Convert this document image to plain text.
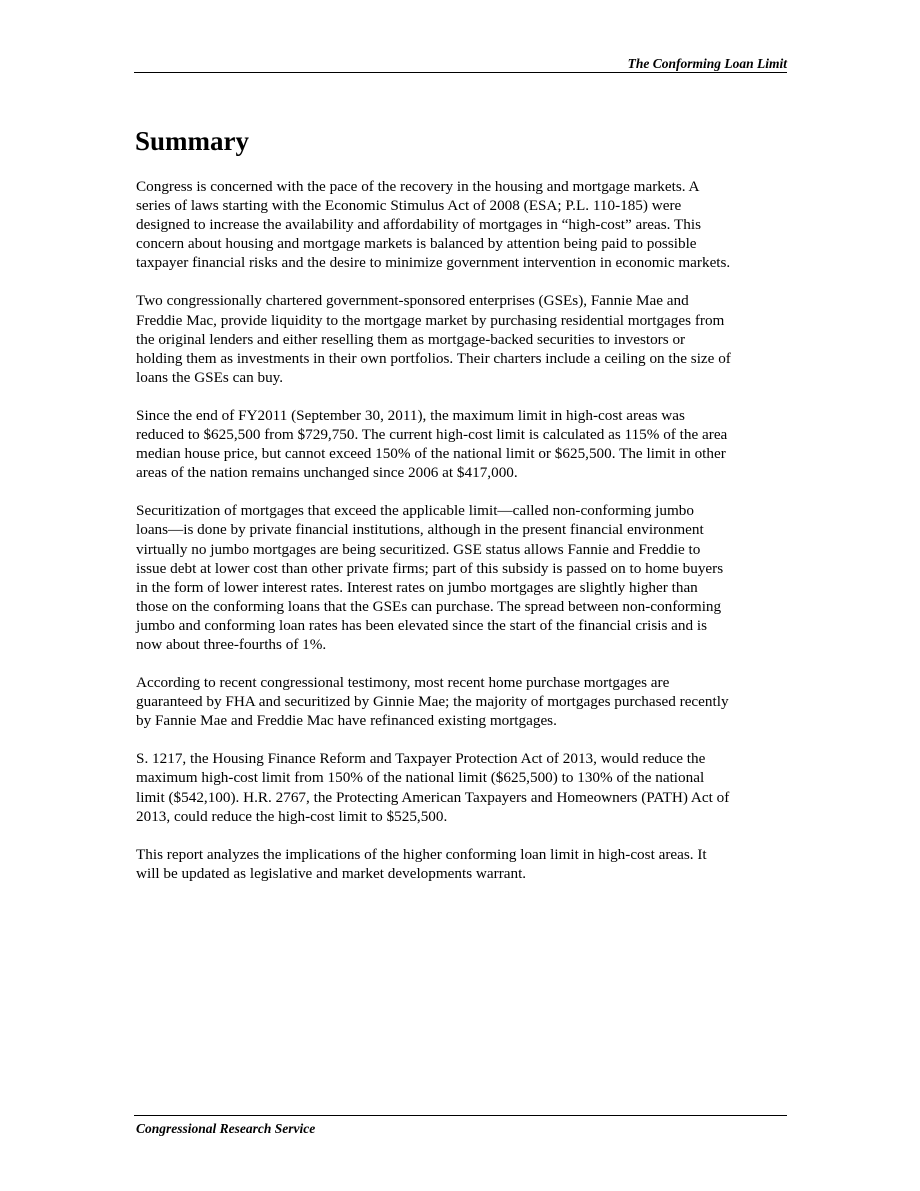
The Conforming Loan Limit
Summary

Congress is concerned with the pace of the recovery in the housing and mortgage markets. A
series of laws starting with the Economic Stimulus Act of 2008 (ESA; P.L. 110-185) were
designed to increase the availability and affordability of mortgages in “high-cost” areas. This
concern about housing and mortgage markets is balanced by attention being paid to possible
taxpayer financial risks and the desire to minimize government intervention in economic markets.

Two congressionally chartered government-sponsored enterprises (GSEs), Fannie Mae and
Freddie Mac, provide liquidity to the mortgage market by purchasing residential mortgages from
the original lenders and either reselling them as mortgage-backed securities to investors or
holding them as investments in their own portfolios. Their charters include a ceiling on the size of
loans the GSEs can buy.

Since the end of FY2011 (September 30, 2011), the maximum limit in high-cost areas was
reduced to $625,500 from $729,750. The current high-cost limit is calculated as 115% of the area
median house price, but cannot exceed 150% of the national limit or $625,500. The limit in other
areas of the nation remains unchanged since 2006 at $417,000.

Securitization of mortgages that exceed the applicable limit—called non-conforming jumbo
loans—is done by private financial institutions, although in the present financial environment
virtually no jumbo mortgages are being securitized. GSE status allows Fannie and Freddie to
issue debt at lower cost than other private firms; part of this subsidy is passed on to home buyers
in the form of lower interest rates. Interest rates on jumbo mortgages are slightly higher than
those on the conforming loans that the GSEs can purchase. The spread between non-conforming
jumbo and conforming loan rates has been elevated since the start of the financial crisis and is
now about three-fourths of 1%.

According to recent congressional testimony, most recent home purchase mortgages are
guaranteed by FHA and securitized by Ginnie Mae; the majority of mortgages purchased recently
by Fannie Mae and Freddie Mac have refinanced existing mortgages.

S. 1217, the Housing Finance Reform and Taxpayer Protection Act of 2013, would reduce the
maximum high-cost limit from 150% of the national limit ($625,500) to 130% of the national
limit ($542,100). H.R. 2767, the Protecting American Taxpayers and Homeowners (PATH) Act of
2013, could reduce the high-cost limit to $525,500.

This report analyzes the implications of the higher conforming loan limit in high-cost areas. It
will be updated as legislative and market developments warrant.

Congressional Research Service
